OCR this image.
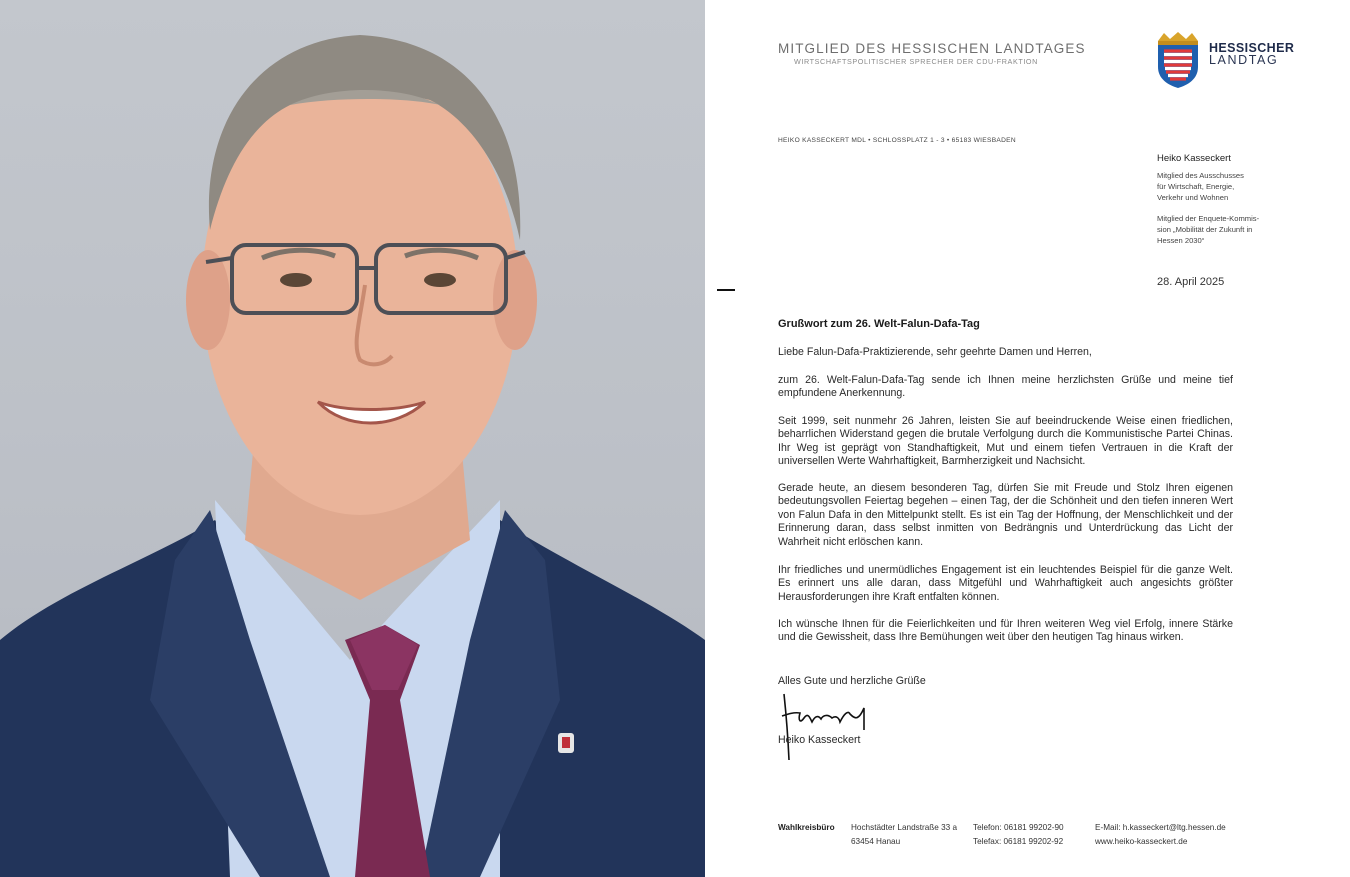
MITGLIED DES HESSISCHEN LANDTAGES
WIRTSCHAFTSPOLITISCHER SPRECHER DER CDU-FRAKTION
HESSISCHER
LANDTAG
HEIKO KASSECKERT MDL • SCHLOSSPLATZ 1 - 3 • 65183 WIESBADEN
Heiko Kasseckert
Mitglied des Ausschusses
für Wirtschaft, Energie,
Verkehr und Wohnen
Mitglied der Enquete-Kommis-
sion „Mobilität der Zukunft in
Hessen 2030“
28. April 2025
Grußwort zum 26. Welt-Falun-Dafa-Tag

Liebe Falun-Dafa-Praktizierende, sehr geehrte Damen und Herren,

zum 26. Welt-Falun-Dafa-Tag sende ich Ihnen meine herzlichsten Grüße und meine tief empfundene Anerkennung.

Seit 1999, seit nunmehr 26 Jahren, leisten Sie auf beeindruckende Weise einen friedlichen, beharrlichen Widerstand gegen die brutale Verfolgung durch die Kommunistische Partei Chinas. Ihr Weg ist geprägt von Standhaftigkeit, Mut und einem tiefen Vertrauen in die Kraft der universellen Werte Wahrhaftigkeit, Barmherzigkeit und Nachsicht.

Gerade heute, an diesem besonderen Tag, dürfen Sie mit Freude und Stolz Ihren eigenen bedeutungsvollen Feiertag begehen – einen Tag, der die Schönheit und den tiefen inneren Wert von Falun Dafa in den Mittelpunkt stellt. Es ist ein Tag der Hoffnung, der Menschlichkeit und der Erinnerung daran, dass selbst inmitten von Bedrängnis und Unterdrückung das Licht der Wahrheit nicht erlöschen kann.

Ihr friedliches und unermüdliches Engagement ist ein leuchtendes Beispiel für die ganze Welt. Es erinnert uns alle daran, dass Mitgefühl und Wahrhaftigkeit auch angesichts größter Herausforderungen ihre Kraft entfalten können.

Ich wünsche Ihnen für die Feierlichkeiten und für Ihren weiteren Weg viel Erfolg, innere Stärke und die Gewissheit, dass Ihre Bemühungen weit über den heutigen Tag hinaus wirken.

Alles Gute und herzliche Grüße

Heiko Kasseckert
Wahlkreisbüro Hochstädter Landstraße 33 a
63454 Hanau
Telefon: 06181 99202-90
Telefax: 06181 99202-92
E-Mail: h.kasseckert@ltg.hessen.de
www.heiko-kasseckert.de
